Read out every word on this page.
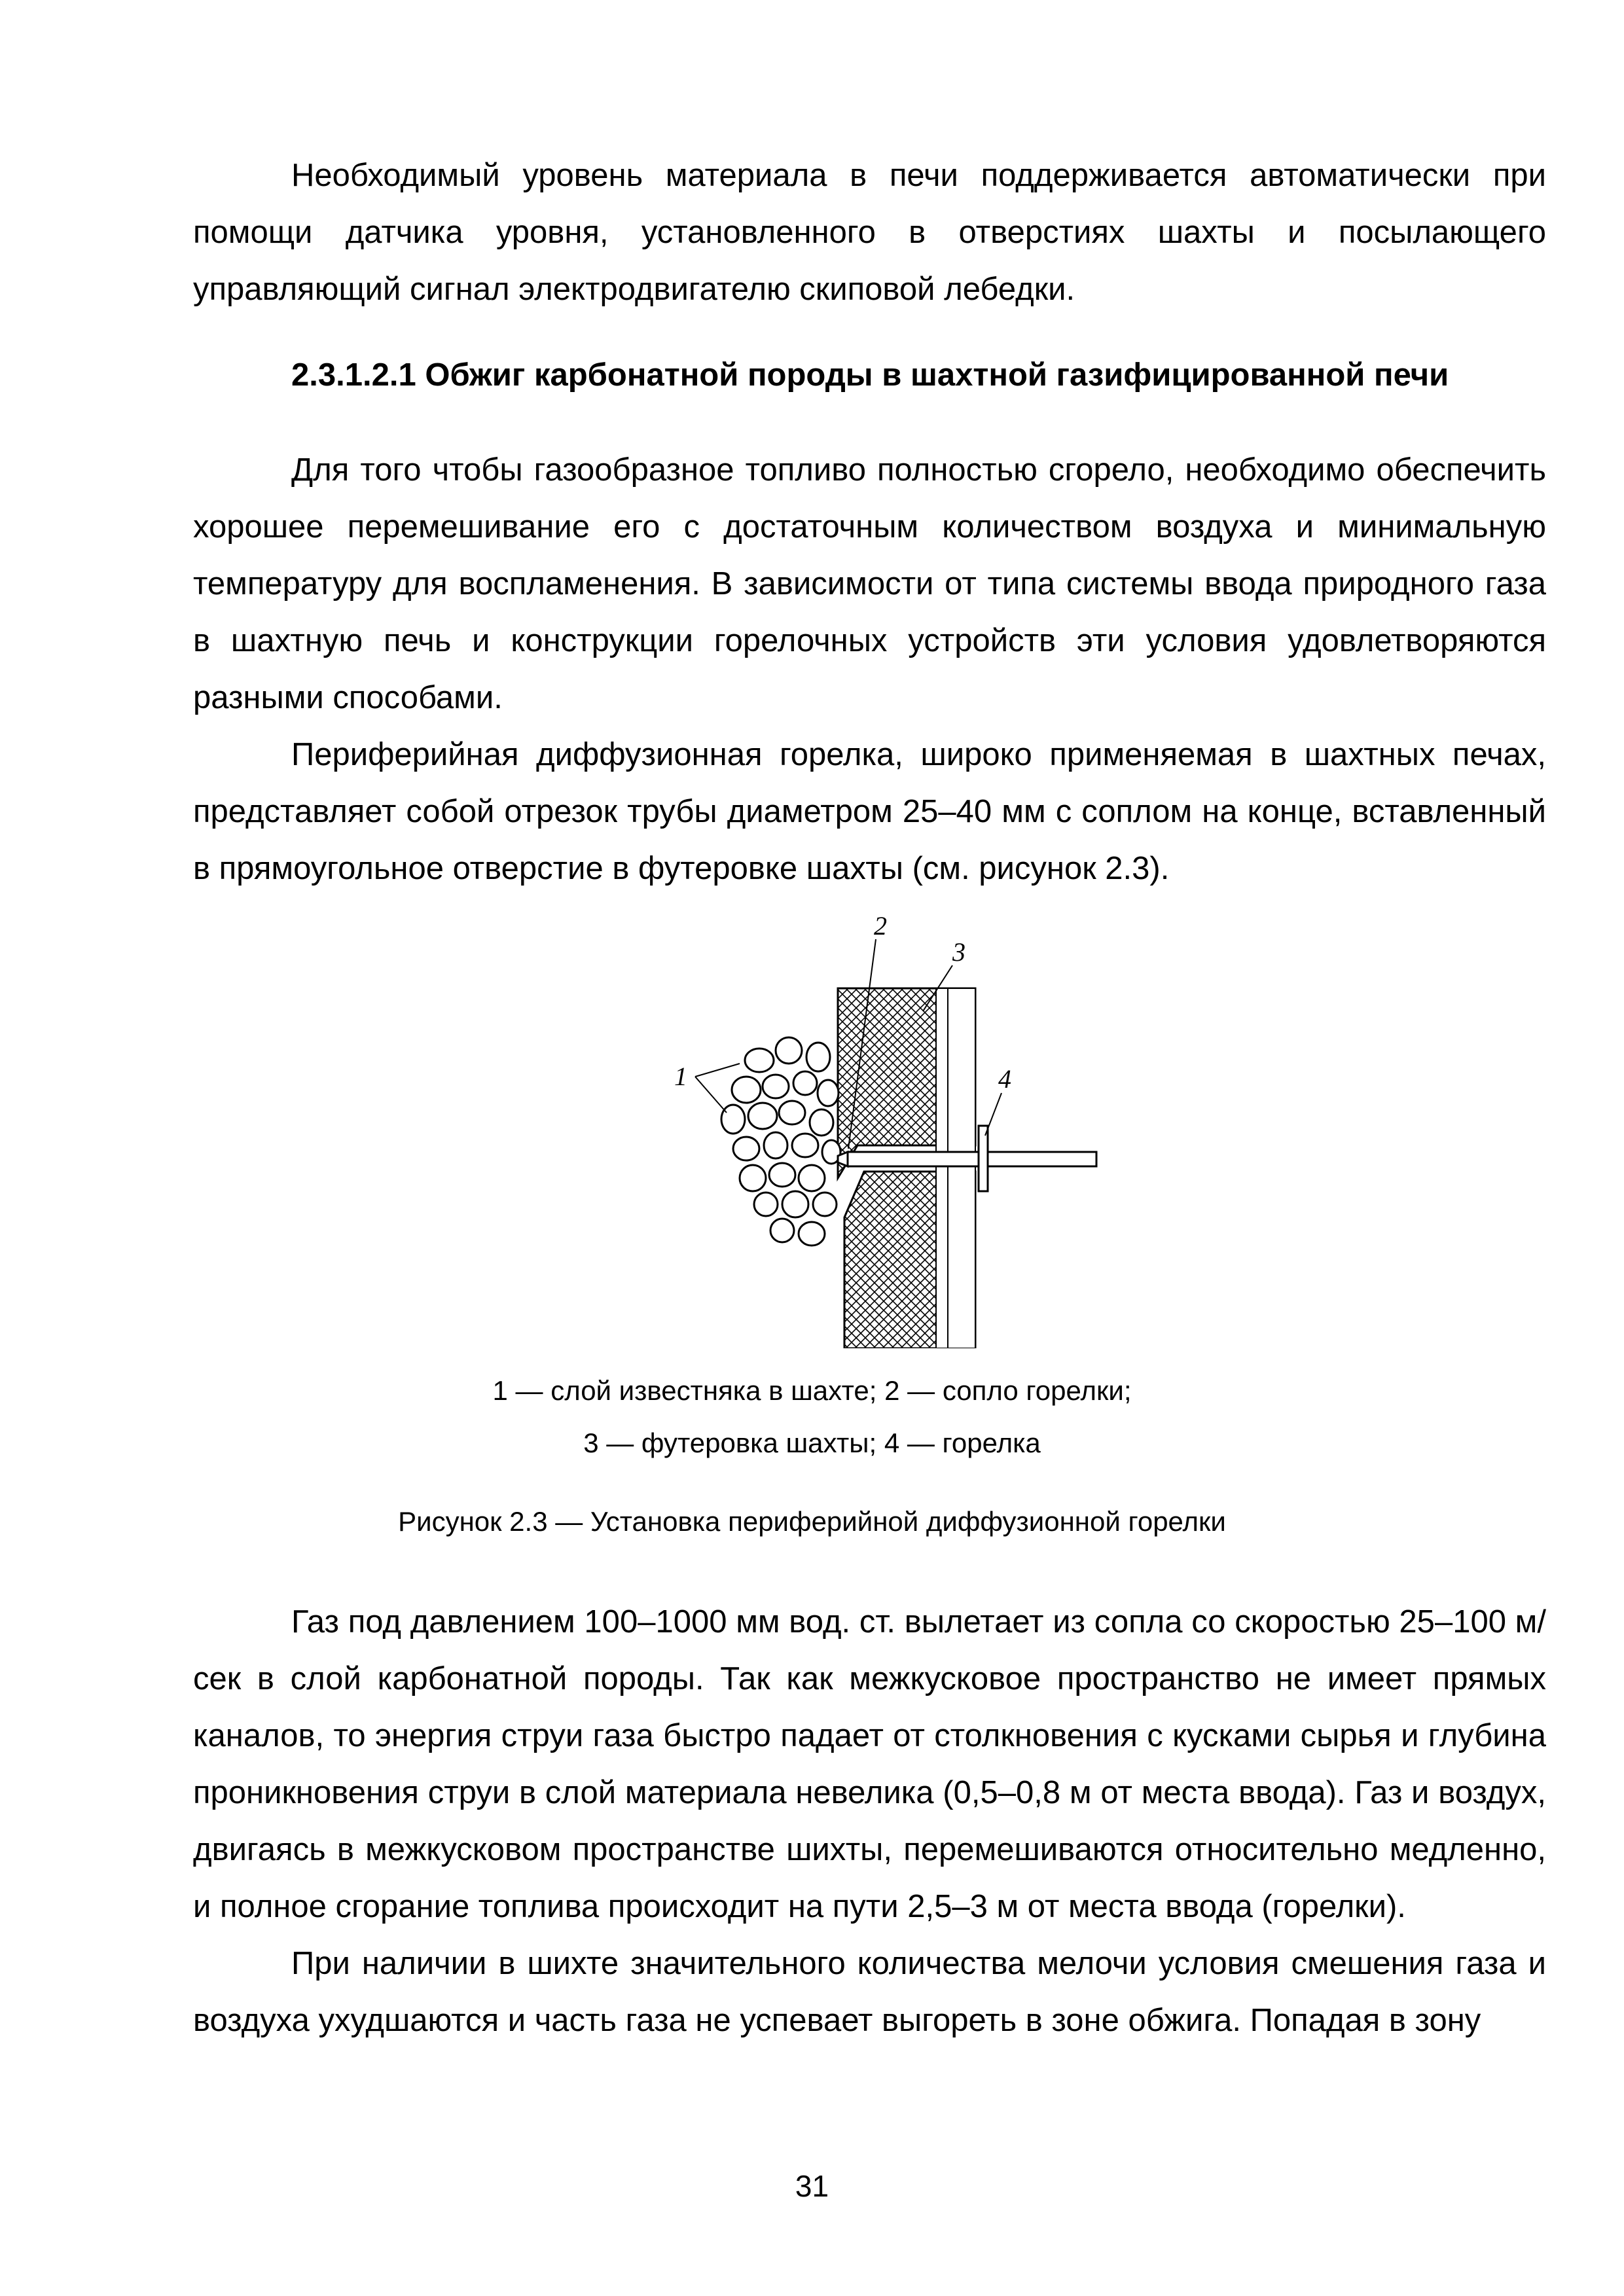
Необходимый уровень материала в печи поддерживается автоматически при помощи датчика уровня, установленного в отверстиях шахты и посылающего управляющий сигнал электродвигателю скиповой лебедки.

2.3.1.2.1 Обжиг карбонатной породы в шахтной газифицированной печи

Для того чтобы газообразное топливо полностью сгорело, необходимо обеспечить хорошее перемешивание его с достаточным количеством воздуха и минимальную температуру для воспламенения. В зависимости от типа системы ввода природного газа в шахтную печь и конструкции горелочных устройств эти условия удовлетворяются разными способами.

Периферийная диффузионная горелка, широко применяемая в шахтных печах, представляет собой отрезок трубы диаметром 25–40 мм с соплом на конце, вставленный в прямоугольное отверстие в футеровке шахты (см. рисунок 2.3).

2
3
4
1
1 — слой известняка в шахте; 2 — сопло горелки;
3 — футеровка шахты; 4 — горелка
Рисунок 2.3 — Установка периферийной диффузионной горелки

Газ под давлением 100–1000 мм вод. ст. вылетает из сопла со скоростью 25–100 м/сек в слой карбонатной породы. Так как межкусковое пространство не имеет прямых каналов, то энергия струи газа быстро падает от столкновения с кусками сырья и глубина проникновения струи в слой материала невелика (0,5–0,8 м от места ввода). Газ и воздух, двигаясь в межкусковом пространстве шихты, перемешиваются относительно медленно, и полное сгорание топлива происходит на пути 2,5–3 м от места ввода (горелки).

При наличии в шихте значительного количества мелочи условия смешения газа и воздуха ухудшаются и часть газа не успевает выгореть в зоне обжига. Попадая в зону

31
